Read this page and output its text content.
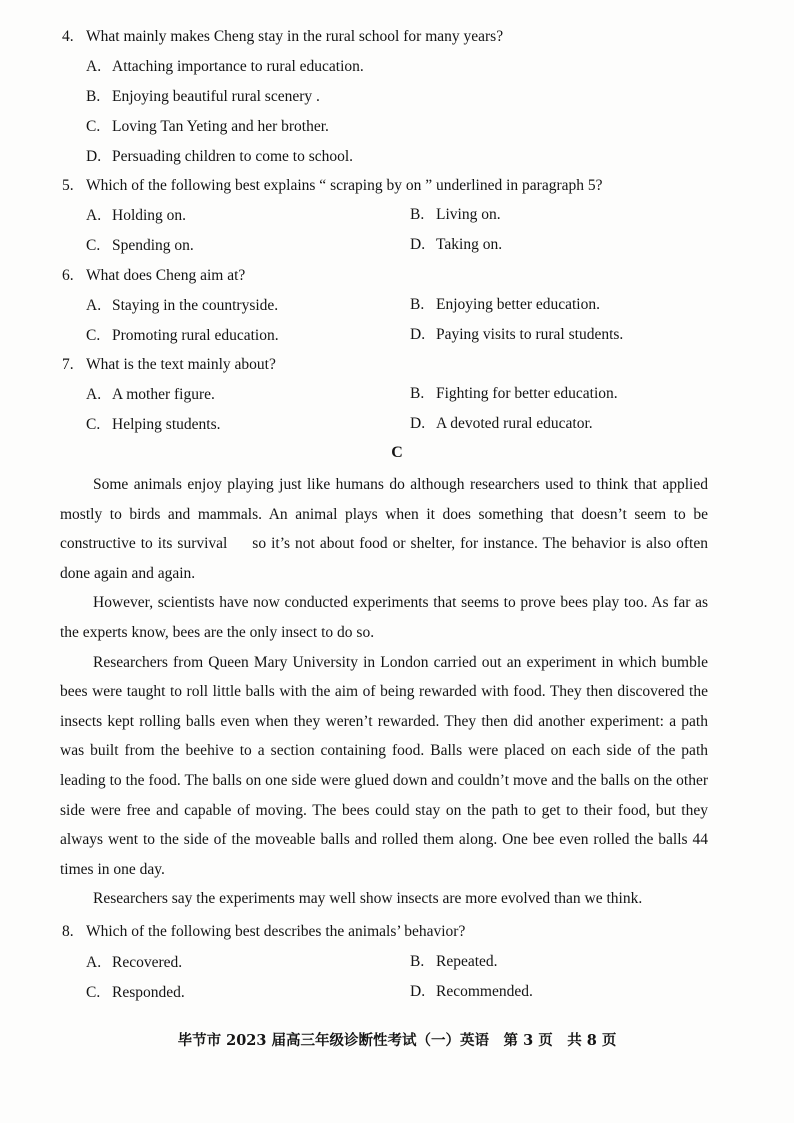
4. What mainly makes Cheng stay in the rural school for many years?
A. Attaching importance to rural education.
B. Enjoying beautiful rural scenery .
C. Loving Tan Yeting and her brother.
D. Persuading children to come to school.
5. Which of the following best explains “ scraping by on ” underlined in paragraph 5?
A. Holding on.	B. Living on.
C. Spending on.	D. Taking on.
6. What does Cheng aim at?
A. Staying in the countryside.	B. Enjoying better education.
C. Promoting rural education.	D. Paying visits to rural students.
7. What is the text mainly about?
A. A mother figure.	B. Fighting for better education.
C. Helping students.	D. A devoted rural educator.
C

Some animals enjoy playing just like humans do although researchers used to think that applied mostly to birds and mammals. An animal plays when it does something that doesn’t seem to be constructive to its survival     so it’s not about food or shelter, for instance. The behavior is also often done again and again.

However, scientists have now conducted experiments that seems to prove bees play too. As far as the experts know, bees are the only insect to do so.

Researchers from Queen Mary University in London carried out an experiment in which bumble bees were taught to roll little balls with the aim of being rewarded with food. They then discovered the insects kept rolling balls even when they weren’t rewarded. They then did another experiment: a path was built from the beehive to a section containing food. Balls were placed on each side of the path leading to the food. The balls on one side were glued down and couldn’t move and the balls on the other side were free and capable of moving. The bees could stay on the path to get to their food, but they always went to the side of the moveable balls and rolled them along. One bee even rolled the balls 44 times in one day.

Researchers say the experiments may well show insects are more evolved than we think.

8. Which of the following best describes the animals’ behavior?
A. Recovered.	B. Repeated.
C. Responded.	D. Recommended.
毕节市 2023 届高三年级诊断性考试（一）英语　第 3 页　共 8 页
